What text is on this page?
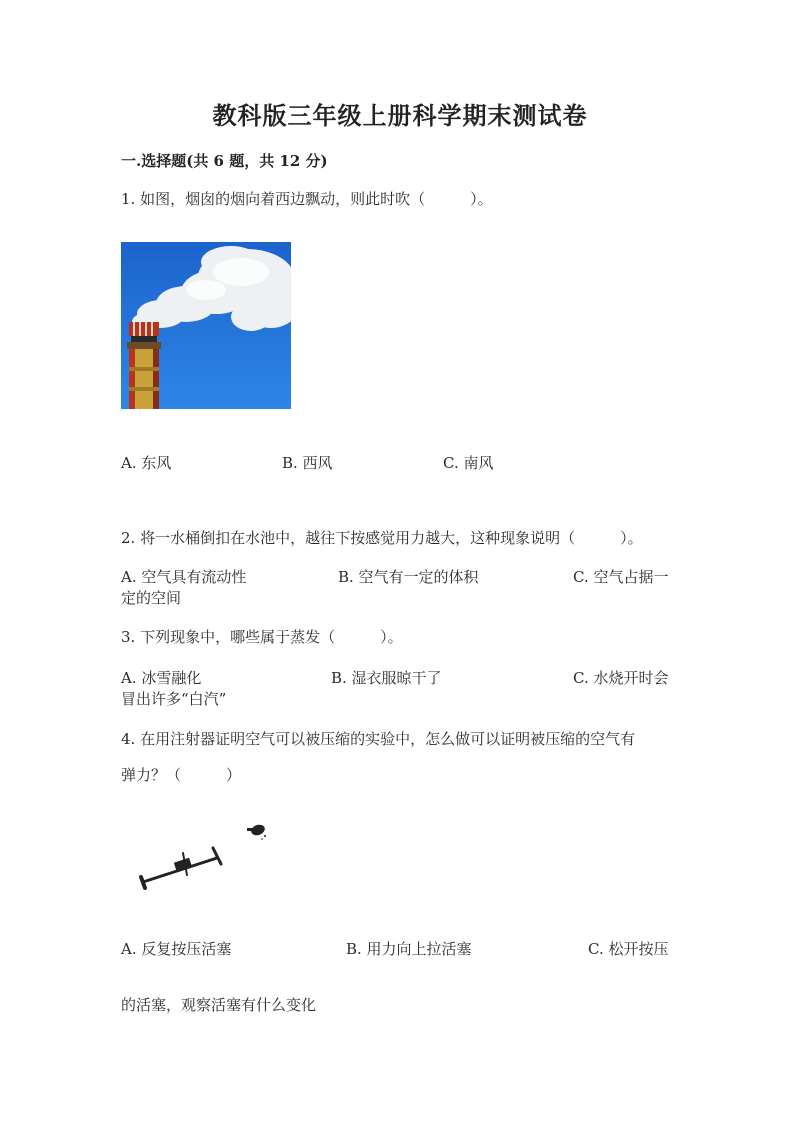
教科版三年级上册科学期末测试卷
一.选择题(共 6 题，共 12 分)
1. 如图，烟囱的烟向着西边飘动，则此时吹（　　　）。
A. 东风	B. 西风	C. 南风
2. 将一水桶倒扣在水池中，越往下按感觉用力越大，这种现象说明（　　　）。
A. 空气具有流动性	B. 空气有一定的体积	C. 空气占据一
定的空间
3. 下列现象中，哪些属于蒸发（　　　）。
A. 冰雪融化	B. 湿衣服晾干了	C. 水烧开时会
冒出许多“白汽”
4. 在用注射器证明空气可以被压缩的实验中，怎么做可以证明被压缩的空气有
弹力？（　　　）
A. 反复按压活塞	B. 用力向上拉活塞	C. 松开按压
的活塞，观察活塞有什么变化
